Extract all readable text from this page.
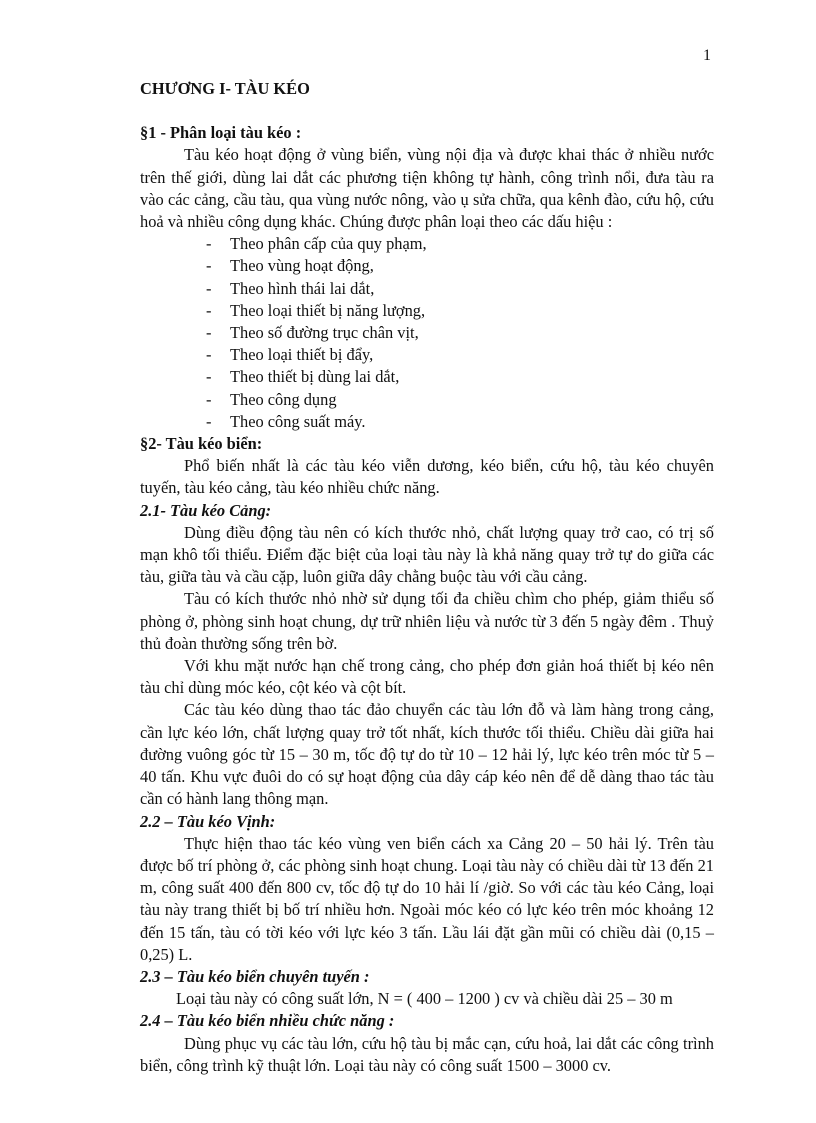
1
CHƯƠNG I- TÀU KÉO
§1 - Phân loại tàu kéo :

Tàu kéo hoạt động ở vùng biển, vùng nội địa và được khai thác ở nhiều nước trên thế giới, dùng lai dắt các phương tiện không tự hành, công trình nổi, đưa tàu ra vào các cảng, cầu tàu, qua vùng nước nông, vào ụ sửa chữa, qua kênh đào, cứu hộ, cứu hoả và nhiều công dụng khác. Chúng được phân loại theo các dấu hiệu :

- Theo phân cấp của quy phạm,
- Theo vùng hoạt động,
- Theo hình thái lai dắt,
- Theo loại thiết bị năng lượng,
- Theo số đường trục chân vịt,
- Theo loại thiết bị đẩy,
- Theo thiết bị dùng lai dắt,
- Theo công dụng
- Theo công suất máy.
§2- Tàu kéo biển:

Phổ biến nhất là các tàu kéo viễn dương, kéo biển, cứu hộ, tàu kéo chuyên tuyến, tàu kéo cảng, tàu kéo nhiều chức năng.

2.1- Tàu kéo Cảng:

Dùng điều động tàu nên có kích thước nhỏ, chất lượng quay trở cao, có trị số mạn khô tối thiểu. Điểm đặc biệt của loại tàu này là khả năng quay trở tự do giữa các tàu, giữa tàu và cầu cặp, luôn giữa dây chằng buộc tàu với cầu cảng.

Tàu có kích thước nhỏ nhờ sử dụng tối đa chiều chìm cho phép, giảm thiểu số phòng ở, phòng sinh hoạt chung, dự trữ nhiên liệu và nước từ 3 đến 5 ngày đêm . Thuỷ thủ đoàn thường sống trên bờ.

Với khu mặt nước hạn chế trong cảng, cho phép đơn giản hoá thiết bị kéo nên tàu chỉ dùng móc kéo, cột kéo và cột bít.

Các tàu kéo dùng thao tác đảo chuyển các tàu lớn đỗ và làm hàng trong cảng, cần lực kéo lớn, chất lượng quay trở tốt nhất, kích thước tối thiểu. Chiều dài giữa hai đường vuông góc từ 15 – 30 m, tốc độ tự do từ 10 – 12 hải lý, lực kéo trên móc từ 5 – 40 tấn. Khu vực đuôi do có sự hoạt động của dây cáp kéo nên để dễ dàng thao tác tàu cần có hành lang thông mạn.

2.2 – Tàu kéo Vịnh:

Thực hiện thao tác kéo vùng ven biển cách xa Cảng 20 – 50 hải lý. Trên tàu được bố trí phòng ở, các phòng sinh hoạt chung. Loại tàu này có chiều dài từ 13 đến 21 m, công suất 400 đến 800 cv, tốc độ tự do 10 hải lí /giờ. So với các tàu kéo Cảng, loại tàu này trang thiết bị bố trí nhiều hơn. Ngoài móc kéo có lực kéo trên móc khoảng 12 đến 15 tấn, tàu có tời kéo với lực kéo 3 tấn. Lầu lái đặt gần mũi có chiều dài (0,15 – 0,25) L.

2.3 – Tàu kéo biển chuyên tuyến :

Loại tàu này có công suất lớn, N = ( 400 – 1200 ) cv và chiều dài 25 – 30 m

2.4 – Tàu kéo biển nhiều chức năng :

Dùng phục vụ các tàu lớn, cứu hộ tàu bị mắc cạn, cứu hoả, lai dắt các công trình biển, công trình kỹ thuật lớn. Loại tàu này có công suất 1500 – 3000 cv.
